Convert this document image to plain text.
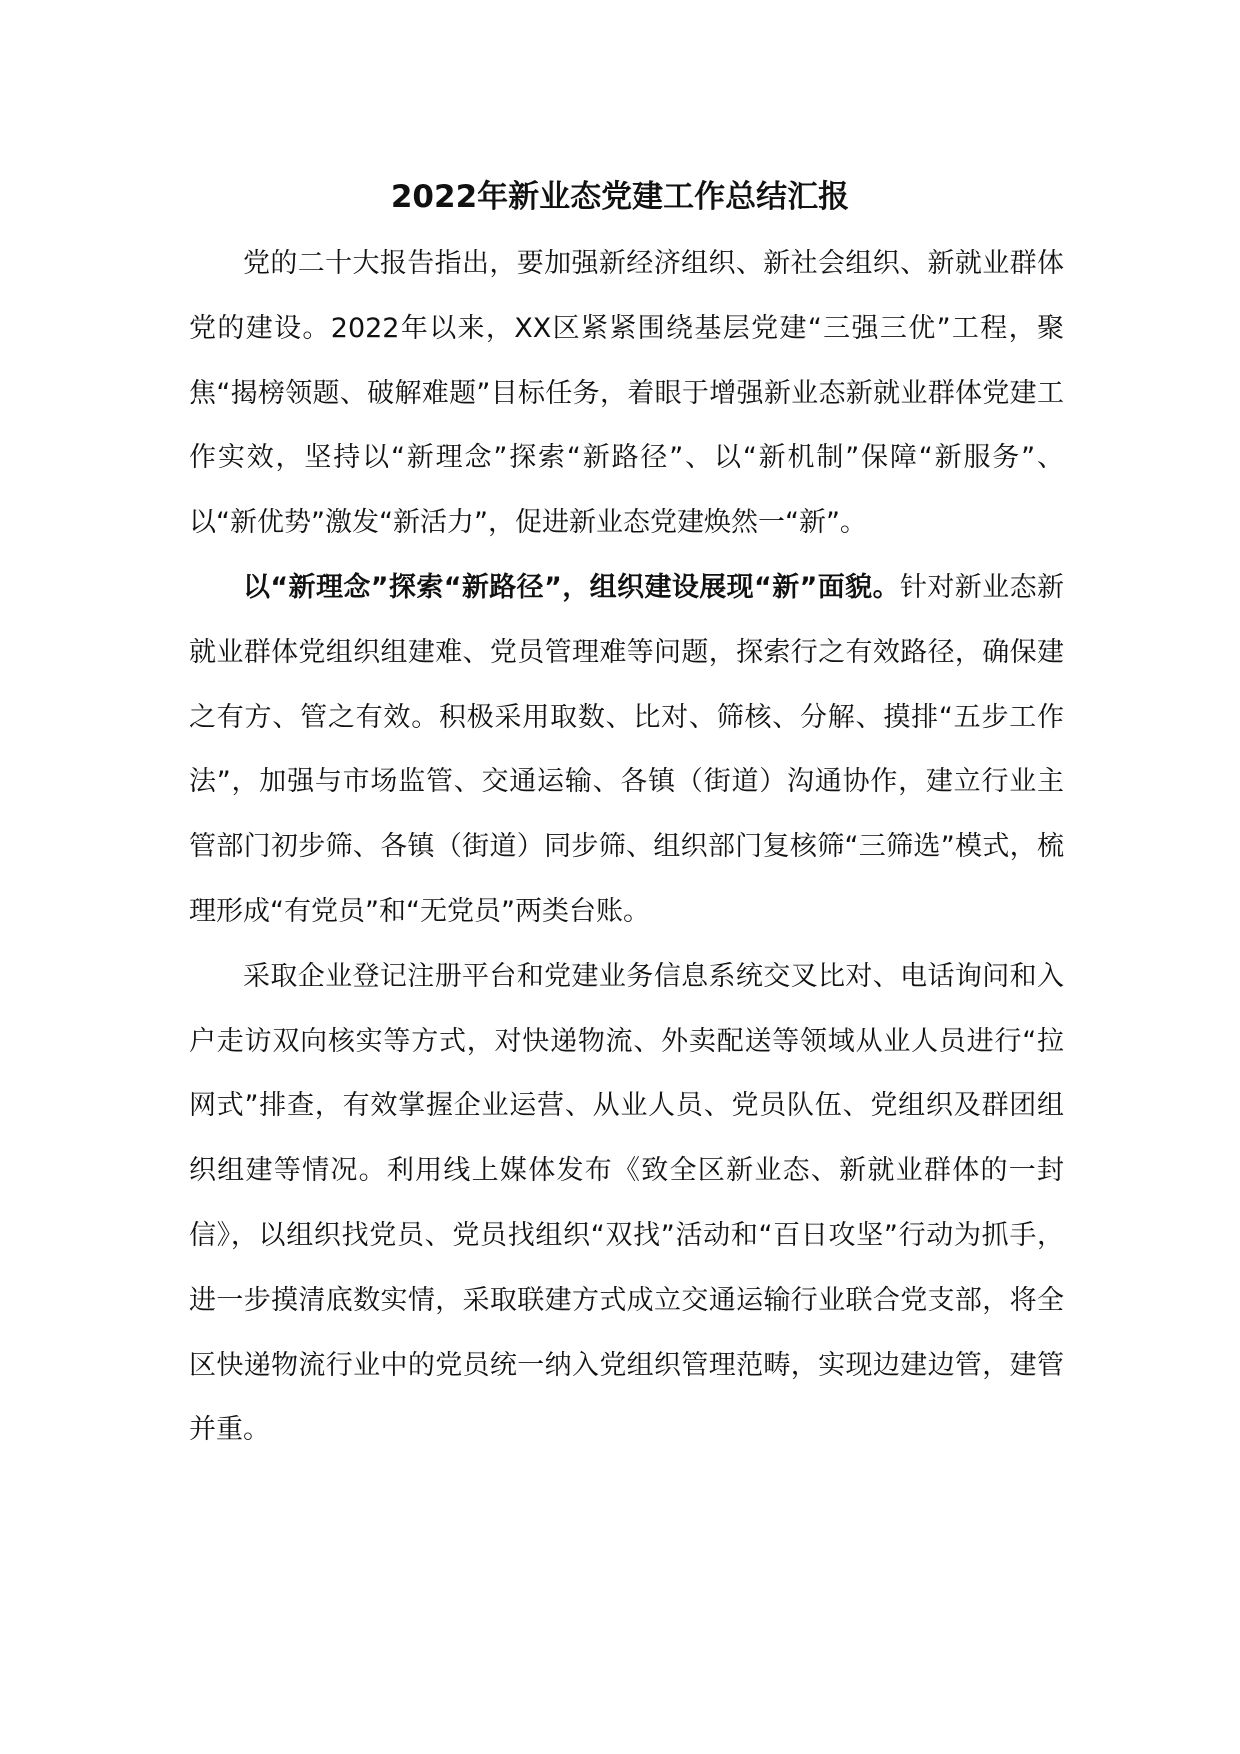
2022年新业态党建工作总结汇报

党的二十大报告指出，要加强新经济组织、新社会组织、新就业群体党的建设。2022年以来，XX区紧紧围绕基层党建“三强三优”工程，聚焦“揭榜领题、破解难题”目标任务，着眼于增强新业态新就业群体党建工作实效，坚持以“新理念”探索“新路径”、以“新机制”保障“新服务”、以“新优势”激发“新活力”，促进新业态党建焕然一“新”。

以“新理念”探索“新路径”，组织建设展现“新”面貌。针对新业态新就业群体党组织组建难、党员管理难等问题，探索行之有效路径，确保建之有方、管之有效。积极采用取数、比对、筛核、分解、摸排“五步工作法”，加强与市场监管、交通运输、各镇（街道）沟通协作，建立行业主管部门初步筛、各镇（街道）同步筛、组织部门复核筛“三筛选”模式，梳理形成“有党员”和“无党员”两类台账。

采取企业登记注册平台和党建业务信息系统交叉比对、电话询问和入户走访双向核实等方式，对快递物流、外卖配送等领域从业人员进行“拉网式”排查，有效掌握企业运营、从业人员、党员队伍、党组织及群团组织组建等情况。利用线上媒体发布《致全区新业态、新就业群体的一封信》，以组织找党员、党员找组织“双找”活动和“百日攻坚”行动为抓手，进一步摸清底数实情，采取联建方式成立交通运输行业联合党支部，将全区快递物流行业中的党员统一纳入党组织管理范畴，实现边建边管，建管并重。
